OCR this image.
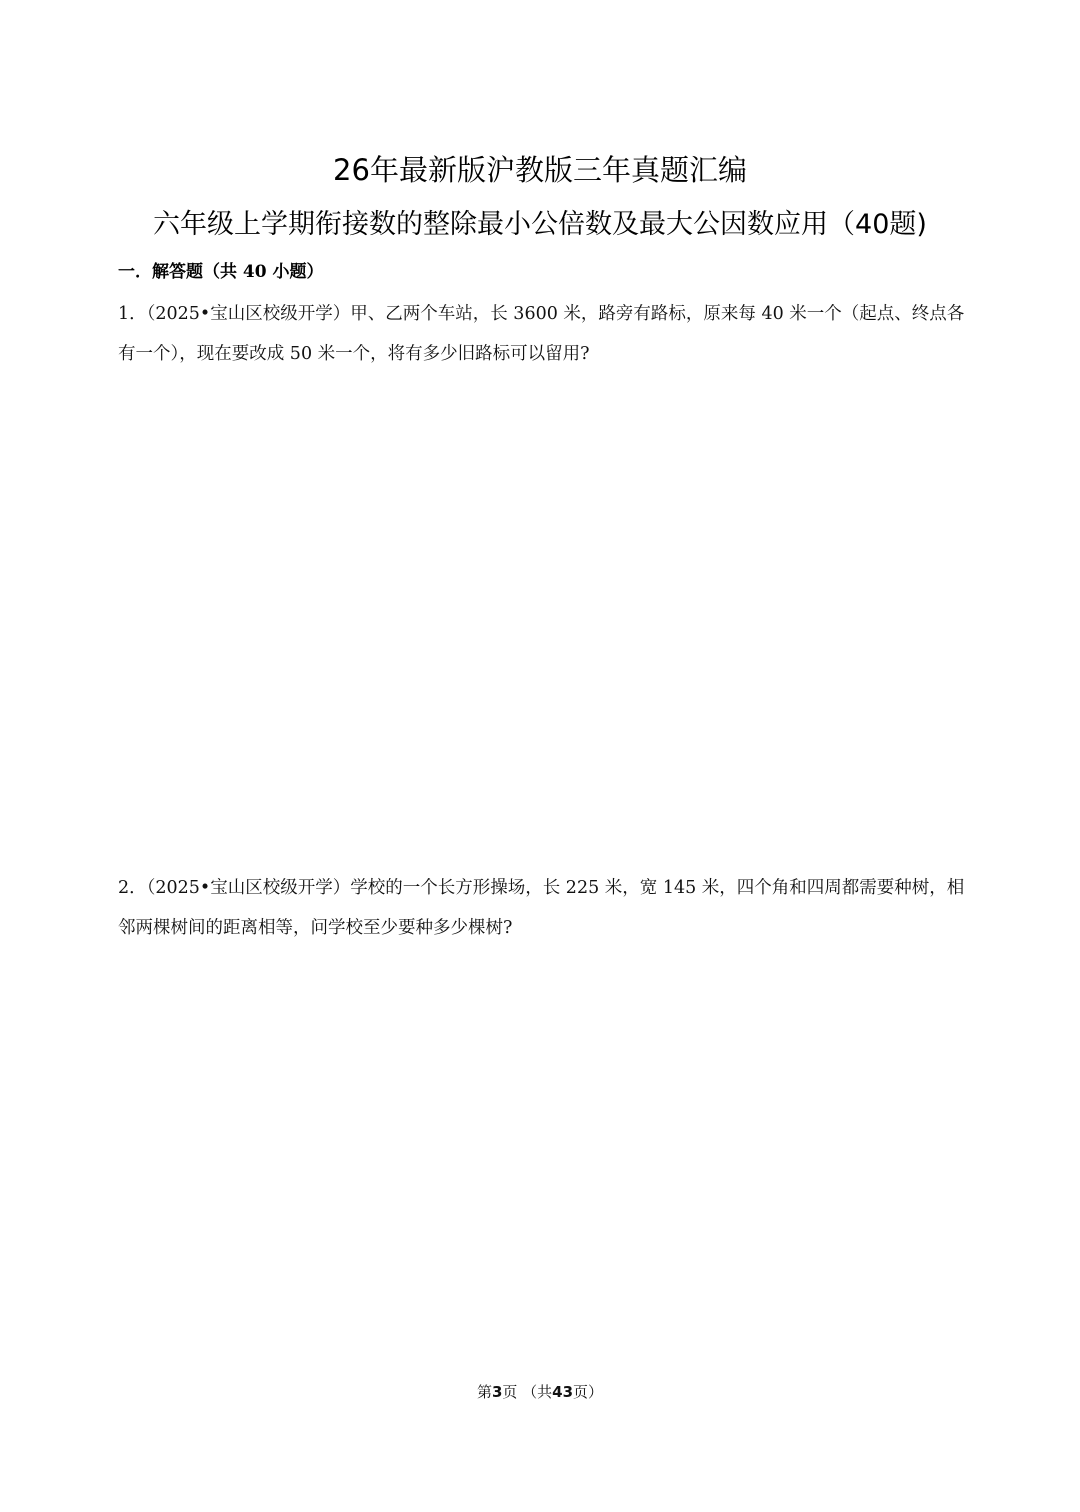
26年最新版沪教版三年真题汇编
六年级上学期衔接数的整除最小公倍数及最大公因数应用（40题)
一．解答题（共 40 小题）
1．（2025•宝山区校级开学）甲、乙两个车站，长 3600 米，路旁有路标，原来每 40 米一个（起点、终点各有一个），现在要改成 50 米一个，将有多少旧路标可以留用?
2．（2025•宝山区校级开学）学校的一个长方形操场，长 225 米，宽 145 米，四个角和四周都需要种树，相邻两棵树间的距离相等，问学校至少要种多少棵树?
第3页 （共43页）
